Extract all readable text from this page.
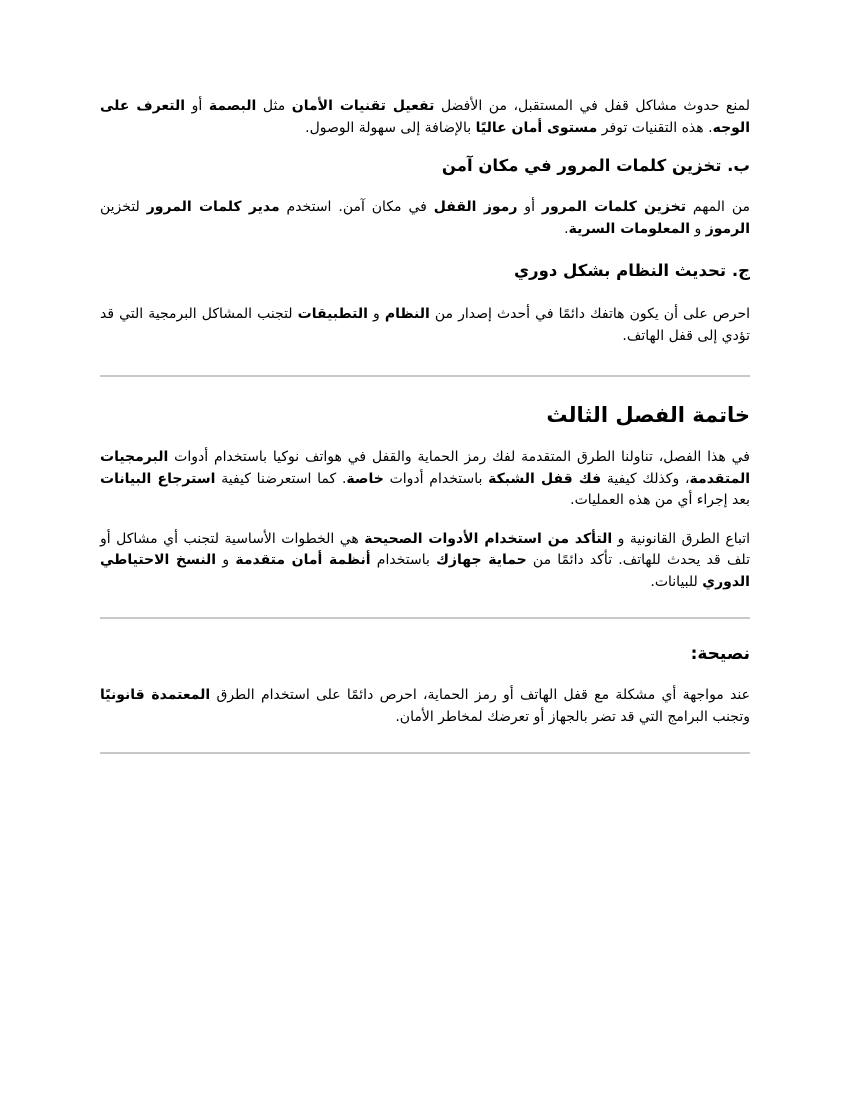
لمنع حدوث مشاكل قفل في المستقبل، من الأفضل تفعيل تقنيات الأمان مثل البصمة أو التعرف على الوجه. هذه التقنيات توفر مستوى أمان عاليًا بالإضافة إلى سهولة الوصول.

ب. تخزين كلمات المرور في مكان آمن

من المهم تخزين كلمات المرور أو رموز القفل في مكان آمن. استخدم مدير كلمات المرور لتخزين الرموز و المعلومات السرية.

ج. تحديث النظام بشكل دوري

احرص على أن يكون هاتفك دائمًا في أحدث إصدار من النظام و التطبيقات لتجنب المشاكل البرمجية التي قد تؤدي إلى قفل الهاتف.

خاتمة الفصل الثالث

في هذا الفصل، تناولنا الطرق المتقدمة لفك رمز الحماية والقفل في هواتف نوكيا باستخدام أدوات البرمجيات المتقدمة، وكذلك كيفية فك قفل الشبكة باستخدام أدوات خاصة. كما استعرضنا كيفية استرجاع البيانات بعد إجراء أي من هذه العمليات.

اتباع الطرق القانونية و التأكد من استخدام الأدوات الصحيحة هي الخطوات الأساسية لتجنب أي مشاكل أو تلف قد يحدث للهاتف. تأكد دائمًا من حماية جهازك باستخدام أنظمة أمان متقدمة و النسخ الاحتياطي الدوري للبيانات.

نصيحة:

عند مواجهة أي مشكلة مع قفل الهاتف أو رمز الحماية، احرص دائمًا على استخدام الطرق المعتمدة قانونيًا وتجنب البرامج التي قد تضر بالجهاز أو تعرضك لمخاطر الأمان.
